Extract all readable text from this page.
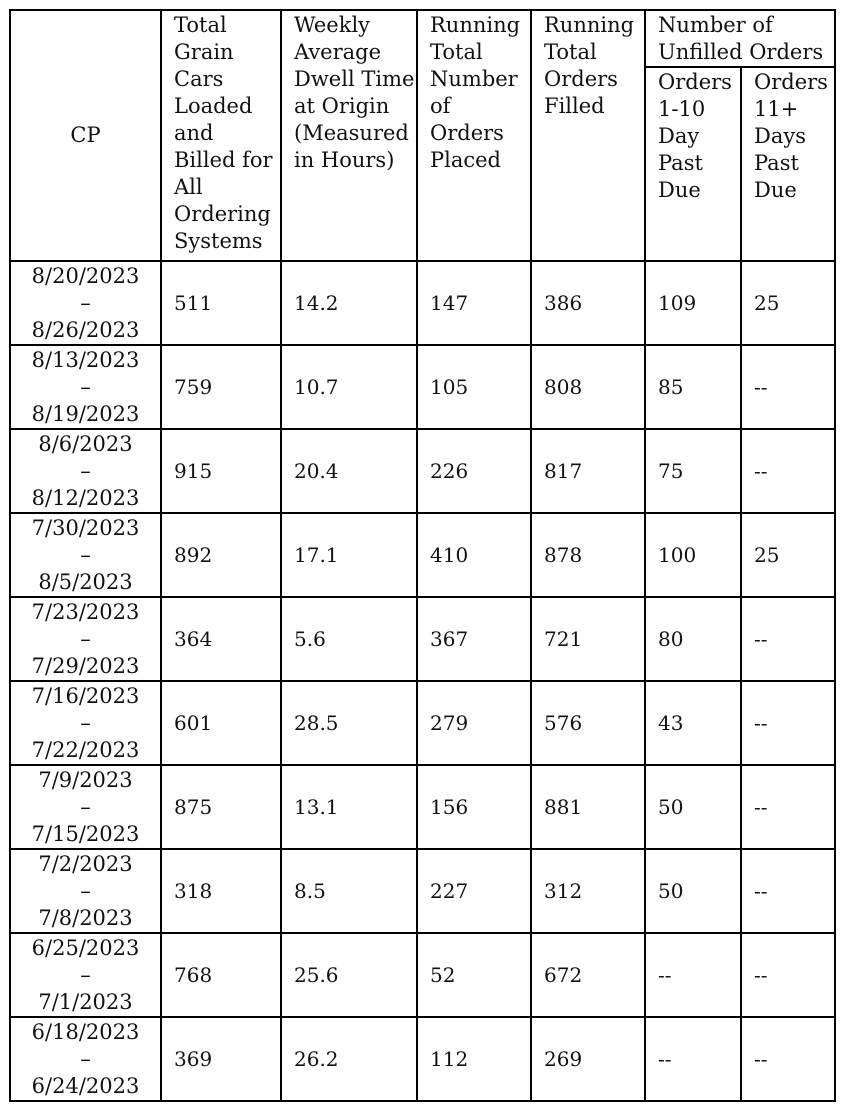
CP	Total Grain Cars Loaded and Billed for All Ordering Systems	Weekly Average Dwell Time at Origin (Measured in Hours)	Running Total Number of Orders Placed	Running Total Orders Filled	Number of Unfilled Orders	
					Orders 1-10 Day Past Due	Orders 11+ Days Past Due

8/20/2023
–
8/26/2023	511	14.2	147	386	109	25

8/13/2023
–
8/19/2023	759	10.7	105	808	85	--

8/6/2023
–
8/12/2023	915	20.4	226	817	75	--

7/30/2023
–
8/5/2023	892	17.1	410	878	100	25

7/23/2023
–
7/29/2023	364	5.6	367	721	80	--

7/16/2023
–
7/22/2023	601	28.5	279	576	43	--

7/9/2023
–
7/15/2023	875	13.1	156	881	50	--

7/2/2023
–
7/8/2023	318	8.5	227	312	50	--

6/25/2023
–
7/1/2023	768	25.6	52	672	--	--

6/18/2023
–
6/24/2023	369	26.2	112	269	--	--
